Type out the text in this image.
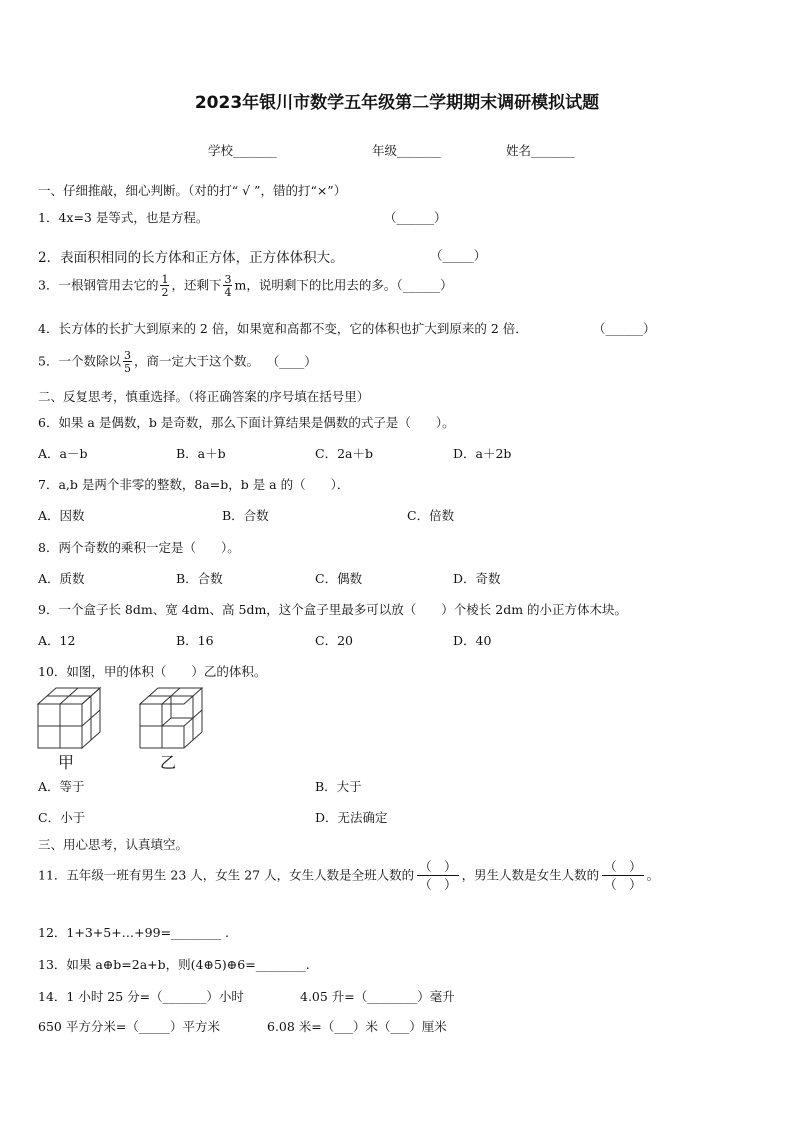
2023年银川市数学五年级第二学期期末调研模拟试题
学校_______	年级_______	姓名_______
一、仔细推敲，细心判断。（对的打“ √ ”，错的打“×”）
1．4x=3 是等式，也是方程。	（______）
2．表面积相同的长方体和正方体，正方体体积大。	（_____）
3．一根钢管用去它的 $\frac{1}{2}$ ，还剩下 $\frac{3}{4}$ m，说明剩下的比用去的多。（______）
4．长方体的长扩大到原来的 2 倍，如果宽和高都不变，它的体积也扩大到原来的 2 倍．	（______）
5．一个数除以 $\frac{3}{5}$ ，商一定大于这个数。 （____）
二、反复思考，慎重选择。（将正确答案的序号填在括号里）
6．如果 a 是偶数，b 是奇数，那么下面计算结果是偶数的式子是（　　）。
A．a－b	B．a＋b	C．2a＋b	D．a＋2b
7．a,b 是两个非零的整数，8a=b，b 是 a 的（　　）．
A．因数	B．合数	C．倍数
8．两个奇数的乘积一定是（　　）。
A．质数	B．合数	C．偶数	D．奇数
9．一个盒子长 8dm、宽 4dm、高 5dm，这个盒子里最多可以放（　　）个棱长 2dm 的小正方体木块。
A．12	B．16	C．20	D．40
10．如图，甲的体积（　　）乙的体积。
甲	乙
A．等于	B．大于
C．小于	D．无法确定
三、用心思考，认真填空。
11．五年级一班有男生 23 人，女生 27 人，女生人数是全班人数的
（　）
（　）
，男生人数是女生人数的
（　）
（　）
。
12．1+3+5+…+99=________ .
13．如果 a⊕b=2a+b，则(4⊕5)⊕6=________.
14．1 小时 25 分=（_______）小时	4.05 升=（________）毫升
650 平方分米=（_____）平方米	6.08 米=（___）米（___）厘米
